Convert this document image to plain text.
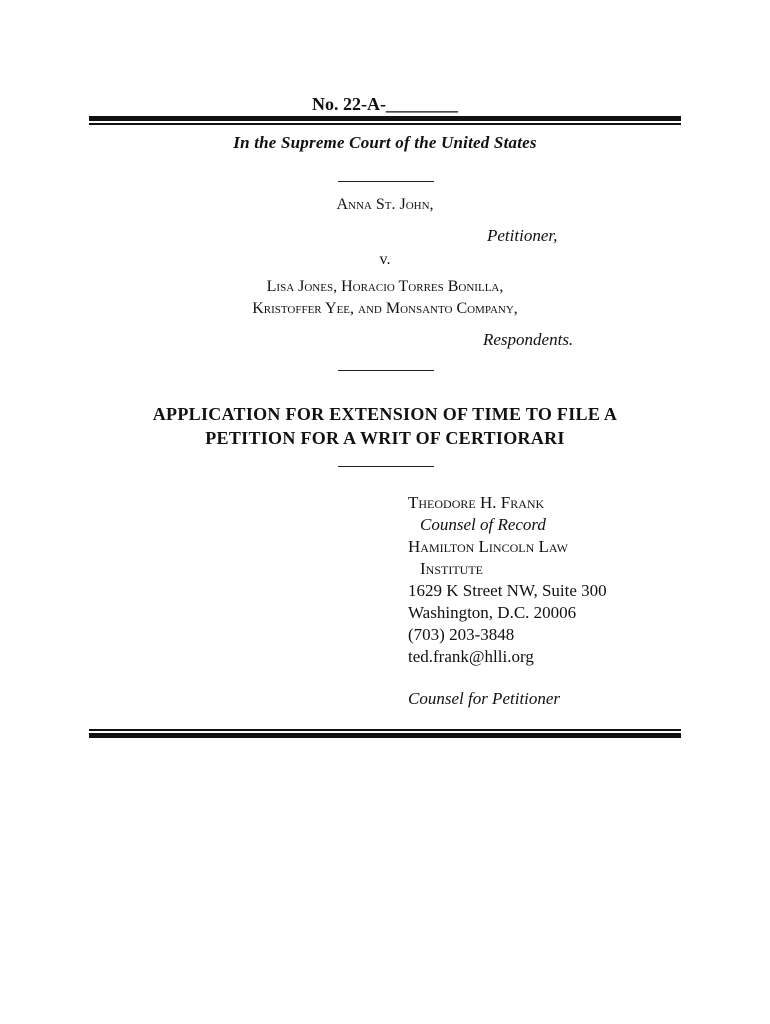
No. 22-A-________
In the Supreme Court of the United States
Anna St. John,
Petitioner,
v.
Lisa Jones, Horacio Torres Bonilla,
Kristoffer Yee, and Monsanto Company,
Respondents.
APPLICATION FOR EXTENSION OF TIME TO FILE A
PETITION FOR A WRIT OF CERTIORARI
Theodore H. Frank
Counsel of Record
Hamilton Lincoln Law
Institute
1629 K Street NW, Suite 300
Washington, D.C. 20006
(703) 203-3848
ted.frank@hlli.org
Counsel for Petitioner
